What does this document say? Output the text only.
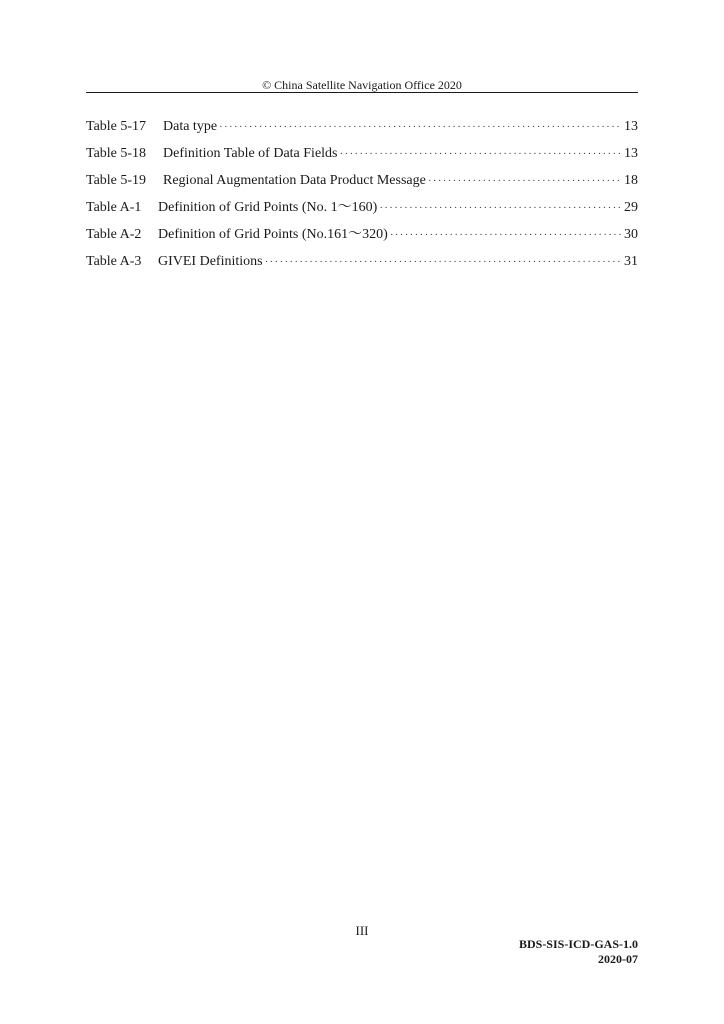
© China Satellite Navigation Office 2020
Table 5-17	Data type ·····	13
Table 5-18	Definition Table of Data Fields ·····	13
Table 5-19	Regional Augmentation Data Product Message ·····	18
Table A-1	Definition of Grid Points (No. 1～160) ·····	29
Table A-2	Definition of Grid Points (No.161～320) ·····	30
Table A-3	GIVEI Definitions ·····	31
III
BDS-SIS-ICD-GAS-1.0
2020-07
